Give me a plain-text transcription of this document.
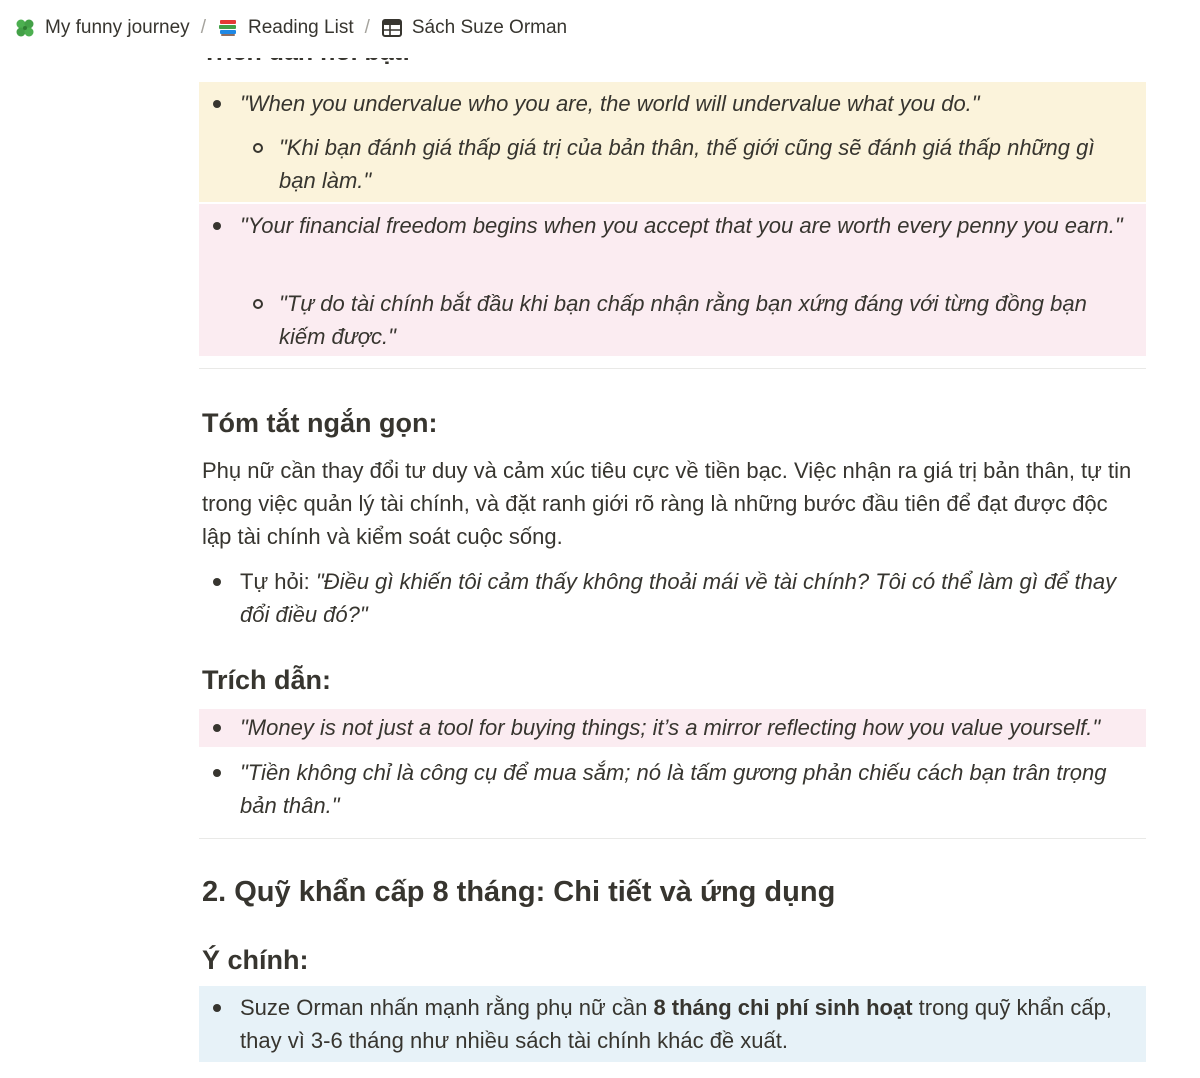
"When you undervalue who you are, the world will undervalue what you do."
"Khi bạn đánh giá thấp giá trị của bản thân, thế giới cũng sẽ đánh giá thấp những gì bạn làm."
"Your financial freedom begins when you accept that you are worth every penny you earn."
"Tự do tài chính bắt đầu khi bạn chấp nhận rằng bạn xứng đáng với từng đồng bạn kiếm được."
Tóm tắt ngắn gọn:
Phụ nữ cần thay đổi tư duy và cảm xúc tiêu cực về tiền bạc. Việc nhận ra giá trị bản thân, tự tin trong việc quản lý tài chính, và đặt ranh giới rõ ràng là những bước đầu tiên để đạt được độc lập tài chính và kiểm soát cuộc sống.
Tự hỏi: "Điều gì khiến tôi cảm thấy không thoải mái về tài chính? Tôi có thể làm gì để thay đổi điều đó?"
Trích dẫn:
"Money is not just a tool for buying things; it’s a mirror reflecting how you value yourself."
"Tiền không chỉ là công cụ để mua sắm; nó là tấm gương phản chiếu cách bạn trân trọng bản thân."
2. Quỹ khẩn cấp 8 tháng: Chi tiết và ứng dụng
Ý chính:
Suze Orman nhấn mạnh rằng phụ nữ cần 8 tháng chi phí sinh hoạt trong quỹ khẩn cấp, thay vì 3-6 tháng như nhiều sách tài chính khác đề xuất.
My funny journey / Reading List / Sách Suze Orman
